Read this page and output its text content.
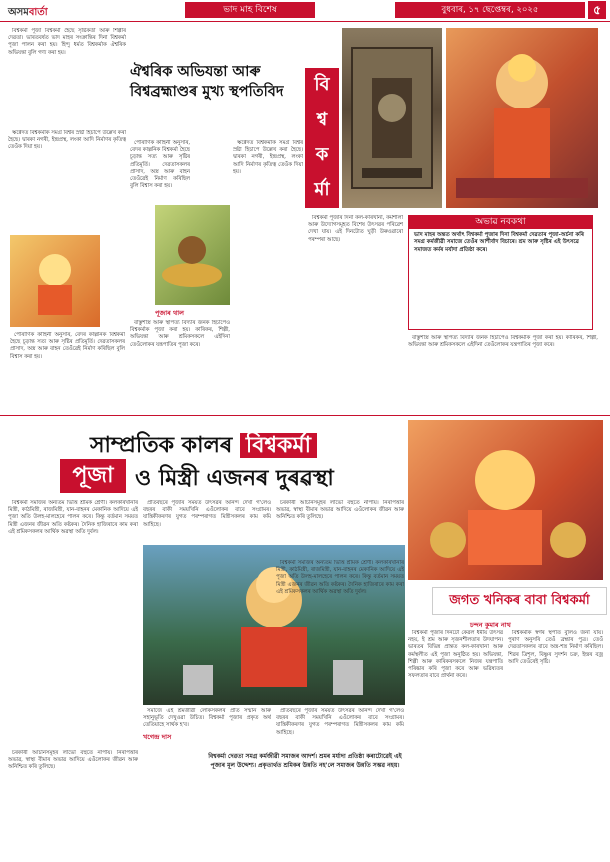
অসমবাৰ্তা	ভাদ মাহ বিশেষ	বুধবাৰ, ১৭ ছেপ্তেম্বৰ, ২০২৫	৫

বিশ্বকৰ্মা পূজা বিশ্বকৰ্মা হৈছে সৃষ্টিকৰ্তা আৰু শিল্পীৰ দেৱতা। ভাৰতবৰ্ষত ভাদ মাহৰ সংক্ৰান্তিৰ দিনা বিশ্বকৰ্মা পূজা পালন কৰা হয়। হিন্দু ধৰ্মত বিশ্বকৰ্মাক ঐশ্বৰিক অভিযন্তা বুলি গণ্য কৰা হয়।

ঐশ্বৰিক অভিযন্তা আৰু বিশ্বব্ৰহ্মাণ্ডৰ মুখ্য স্থপতিবিদ	বি
শ্ব
ক
ৰ্মা
পূজাৰ থাল

পৌৰাণিক কাহিনী অনুসৰি, বেদৰ কাল্পনিক বিশ্বকৰ্মা হৈছে চূড়ান্ত সত্য আৰু সৃষ্টিৰ প্ৰতিমূৰ্তি। দেৱতাসকলৰ প্ৰাসাদ, অস্ত্ৰ আৰু বাহন তেওঁৱেই নিৰ্মাণ কৰিছিল বুলি বিশ্বাস কৰা হয়।

ঋগ্বেদত বিশ্বকৰ্মাক সমগ্ৰ বিশ্বৰ স্ৰষ্টা হিচাপে উল্লেখ কৰা হৈছে। দ্বাৰকা নগৰী, ইন্দ্ৰপ্ৰস্থ, লংকা আদি নিৰ্মাণৰ কৃতিত্ব তেওঁক দিয়া হয়।

ঋগ্বেদত বিশ্বকৰ্মাক সমগ্ৰ বিশ্বৰ স্ৰষ্টা হিচাপে উল্লেখ কৰা হৈছে। দ্বাৰকা নগৰী, ইন্দ্ৰপ্ৰস্থ, লংকা আদি নিৰ্মাণৰ কৃতিত্ব তেওঁক দিয়া হয়।

বাস্তুশাস্ত্ৰ আৰু স্থাপত্য বিদ্যাৰ জনক হিচাপেও বিশ্বকৰ্মাক পূজা কৰা হয়। কাৰিকৰ, শিল্পী, অভিযন্তা আৰু শ্ৰমিকসকলে এইদিনা তেওঁলোকৰ যন্ত্ৰপাতিৰ পূজা কৰে।

বিশ্বকৰ্মা পূজাৰ দিনা কল-কাৰখানা, কৰ্মশালা আৰু উদ্যোগসমূহত বিশেষ উৎসৱৰ পৰিৱেশ দেখা যায়। এই দিনটোত ঘুড়ী উৰুওৱাৰো পৰম্পৰা আছে।

পৌৰাণিক কাহিনী অনুসৰি, বেদৰ কাল্পনিক বিশ্বকৰ্মা হৈছে চূড়ান্ত সত্য আৰু সৃষ্টিৰ প্ৰতিমূৰ্তি। দেৱতাসকলৰ প্ৰাসাদ, অস্ত্ৰ আৰু বাহন তেওঁৱেই নিৰ্মাণ কৰিছিল বুলি বিশ্বাস কৰা হয়।

অভাৱ নবকথা
ভাদ মাহৰ অন্তত অৰ্থাৎ বিশ্বকৰ্মা পূজাৰ দিনা বিশ্বকৰ্মা দেৱতাৰ পূজা-অৰ্চনা কৰি সমগ্ৰ কৰ্মজীৱী সমাজে তেওঁৰ আশীৰ্বাদ বিচাৰে। শ্ৰম আৰু সৃষ্টিৰ এই উৎসৱে সমাজত কৰ্মৰ মৰ্যাদা প্ৰতিষ্ঠা কৰে।

বাস্তুশাস্ত্ৰ আৰু স্থাপত্য বিদ্যাৰ জনক হিচাপেও বিশ্বকৰ্মাক পূজা কৰা হয়। কাৰিকৰ, শিল্পী, অভিযন্তা আৰু শ্ৰমিকসকলে এইদিনা তেওঁলোকৰ যন্ত্ৰপাতিৰ পূজা কৰে।

সাম্প্ৰতিক কালৰ বিশ্বকৰ্মা
পূজা ও মিস্ত্ৰী এজনৰ দুৰৱস্থা

বিশ্বকৰ্মা সমাজৰ অন্যতম ভিত্তি শ্ৰমিক শ্ৰেণী। কলকাৰখানাৰ মিস্ত্ৰী, কাঠমিস্ত্ৰী, ৰাজমিস্ত্ৰী, যান-বাহনৰ মেকানিক আদিয়ে এই পূজা অতি উলহ-মালহেৰে পালন কৰে। কিন্তু বৰ্তমান সময়ত মিস্ত্ৰী এজনৰ জীৱন অতি কষ্টকৰ। দৈনিক হাজিৰাৰে কাম কৰা এই শ্ৰমিকসকলৰ আৰ্থিক অৱস্থা অতি দুৰ্বল।

প্ৰতিবছৰে পূজাৰ সময়ত উৎসৱৰ আনন্দ দেখা গ'লেও বছৰৰ বাকী সময়খিনি এওঁলোকৰ বাবে সংগ্ৰামৰ। যান্ত্ৰিকীকৰণৰ যুগত পৰম্পৰাগত মিস্ত্ৰীসকলৰ কাম কমি আহিছে।

চৰকাৰী আঁচনিসমূহৰ লাভো বহুতে নাপায়। নিৰাপত্তাৰ অভাৱ, স্বাস্থ্য বীমাৰ অভাৱ আদিয়ে এওঁলোকৰ জীৱন আৰু অনিশ্চিত কৰি তুলিছে।

সমাজে এই শ্ৰমজীৱী লোকসকলৰ প্ৰতি সন্মান আৰু সহানুভূতি দেখুওৱা উচিত। বিশ্বকৰ্মা পূজাৰ প্ৰকৃত অৰ্থ তেতিয়াহে সাৰ্থক হ'ব।

খগেন্দ্ৰ দাস
বিশ্বকৰ্মা দেৱতা সমগ্ৰ কৰ্মজীৱী সমাজৰ আদৰ্শ। শ্ৰমৰ মৰ্যাদা প্ৰতিষ্ঠা কৰাটোৱেই এই পূজাৰ মূল উদ্দেশ্য। প্ৰকৃতাৰ্থত শ্ৰমিকৰ উন্নতি নহ'লে সমাজৰ উন্নতি সম্ভৱ নহয়।

প্ৰতিবছৰে পূজাৰ সময়ত উৎসৱৰ আনন্দ দেখা গ'লেও বছৰৰ বাকী সময়খিনি এওঁলোকৰ বাবে সংগ্ৰামৰ। যান্ত্ৰিকীকৰণৰ যুগত পৰম্পৰাগত মিস্ত্ৰীসকলৰ কাম কমি আহিছে।

চৰকাৰী আঁচনিসমূহৰ লাভো বহুতে নাপায়। নিৰাপত্তাৰ অভাৱ, স্বাস্থ্য বীমাৰ অভাৱ আদিয়ে এওঁলোকৰ জীৱন আৰু অনিশ্চিত কৰি তুলিছে।

জগত খনিকৰ বাবা বিশ্বকৰ্মা
চন্দন কুমাৰ নাথ

বিশ্বকৰ্মা পূজাৰ দিনটো কেৱল ধৰ্মীয় উৎসৱ নহয়, ই শ্ৰম আৰু সৃজনশীলতাৰ উদযাপন। ভাৰতৰ বিভিন্ন প্ৰান্তত কল-কাৰখানা আৰু কৰ্মস্থলীত এই পূজা অনুষ্ঠিত হয়। অভিযন্তা, শিল্পী আৰু কাৰিকৰসকলে নিজৰ যন্ত্ৰপাতি পৰিষ্কাৰ কৰি পূজা কৰে আৰু ভৱিষ্যতৰ সফলতাৰ বাবে প্ৰাৰ্থনা কৰে।

বিশ্বকৰ্মাক স্বৰ্গৰ স্থপতি বুলিও জনা যায়। পুৰাণ অনুসৰি তেওঁ ব্ৰহ্মাৰ পুত্ৰ। তেওঁ দেৱতাসকলৰ বাবে অস্ত্ৰ-শস্ত্ৰ নিৰ্মাণ কৰিছিল। শিৱৰ ত্ৰিশূল, বিষ্ণুৰ সুদৰ্শন চক্ৰ, ইন্দ্ৰৰ বজ্ৰ আদি তেওঁৰেই সৃষ্টি।

বিশ্বকৰ্মা সমাজৰ অন্যতম ভিত্তি শ্ৰমিক শ্ৰেণী। কলকাৰখানাৰ মিস্ত্ৰী, কাঠমিস্ত্ৰী, ৰাজমিস্ত্ৰী, যান-বাহনৰ মেকানিক আদিয়ে এই পূজা অতি উলহ-মালহেৰে পালন কৰে। কিন্তু বৰ্তমান সময়ত মিস্ত্ৰী এজনৰ জীৱন অতি কষ্টকৰ। দৈনিক হাজিৰাৰে কাম কৰা এই শ্ৰমিকসকলৰ আৰ্থিক অৱস্থা অতি দুৰ্বল।
